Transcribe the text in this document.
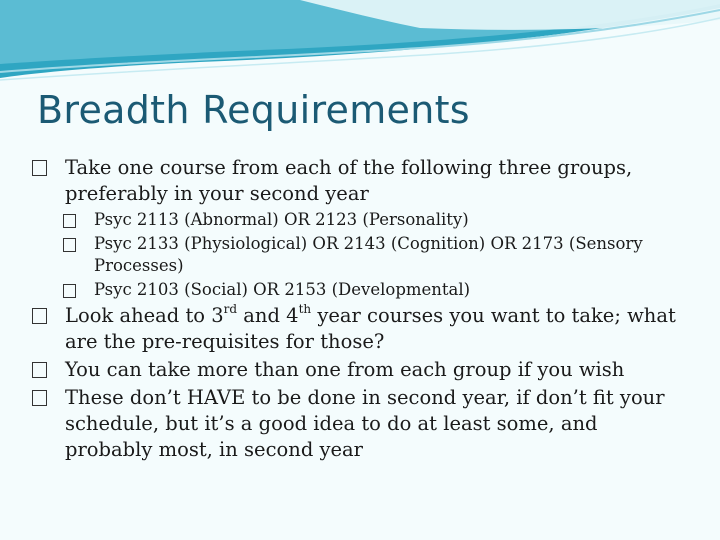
Breadth Requirements
Take one course from each of the following three groups, preferably in your second year
Psyc 2113 (Abnormal) OR 2123 (Personality)
Psyc 2133 (Physiological) OR 2143 (Cognition) OR 2173 (Sensory Processes)
Psyc 2103 (Social) OR 2153 (Developmental)
Look ahead to 3rd and 4th year courses you want to take; what are the pre-requisites for those?
You can take more than one from each group if you wish
These don’t HAVE to be done in second year, if don’t fit your schedule, but it’s a good idea to do at least some, and probably most, in second year
